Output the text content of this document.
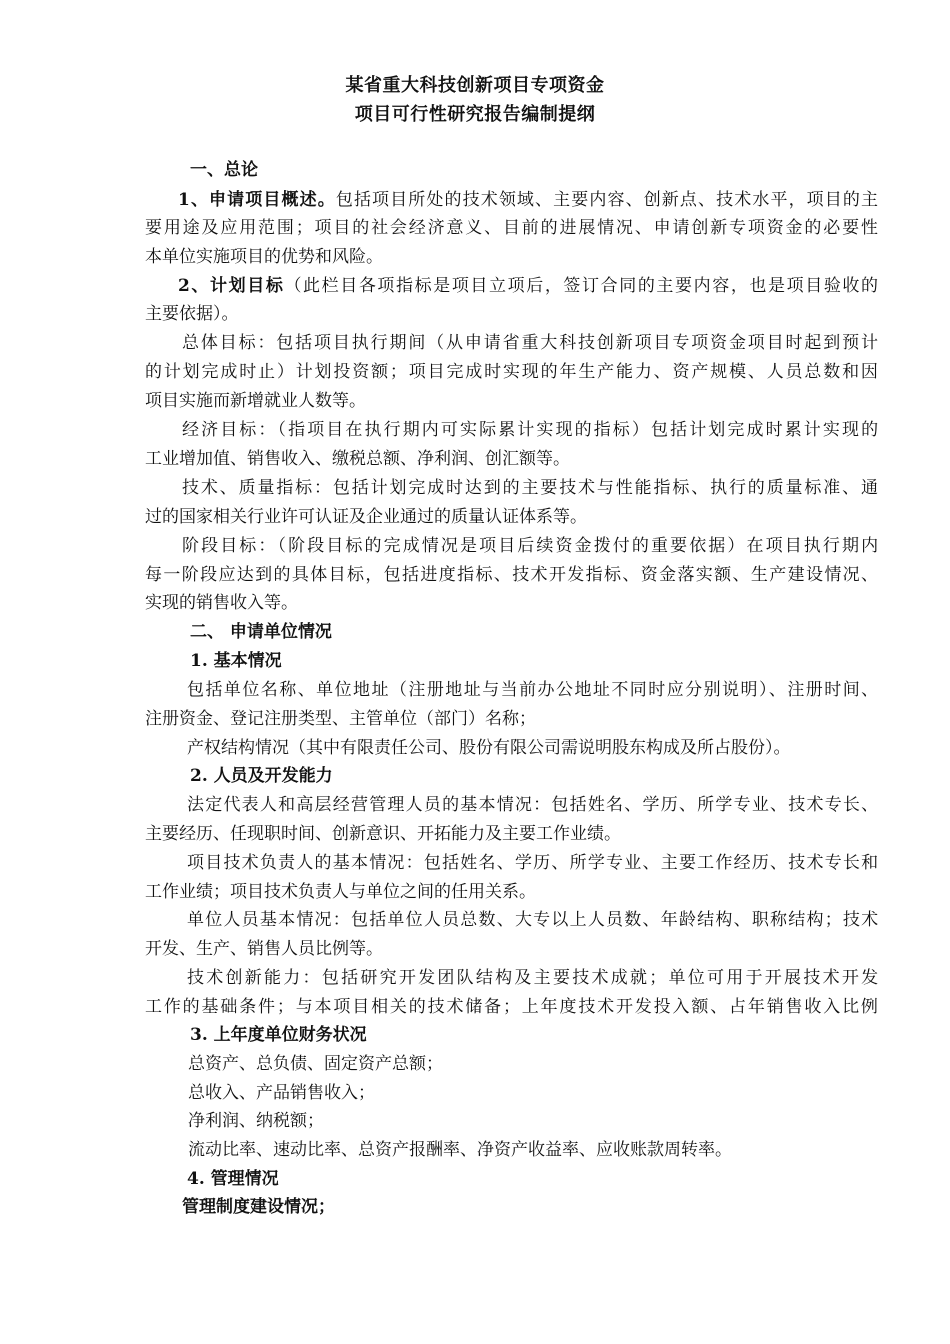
某省重大科技创新项目专项资金
项目可行性研究报告编制提纲
一、总论
1、申请项目概述。包括项目所处的技术领域、主要内容、创新点、技术水平，项目的主
要用途及应用范围；项目的社会经济意义、目前的进展情况、申请创新专项资金的必要性
本单位实施项目的优势和风险。
2、计划目标（此栏目各项指标是项目立项后，签订合同的主要内容，也是项目验收的
主要依据）。
总体目标：包括项目执行期间（从申请省重大科技创新项目专项资金项目时起到预计
的计划完成时止）计划投资额；项目完成时实现的年生产能力、资产规模、人员总数和因
项目实施而新增就业人数等。
经济目标：（指项目在执行期内可实际累计实现的指标）包括计划完成时累计实现的
工业增加值、销售收入、缴税总额、净利润、创汇额等。
技术、质量指标：包括计划完成时达到的主要技术与性能指标、执行的质量标准、通
过的国家相关行业许可认证及企业通过的质量认证体系等。
阶段目标：（阶段目标的完成情况是项目后续资金拨付的重要依据）在项目执行期内
每一阶段应达到的具体目标，包括进度指标、技术开发指标、资金落实额、生产建设情况、
实现的销售收入等。
二、 申请单位情况
1. 基本情况
包括单位名称、单位地址（注册地址与当前办公地址不同时应分别说明）、注册时间、
注册资金、登记注册类型、主管单位（部门）名称；
产权结构情况（其中有限责任公司、股份有限公司需说明股东构成及所占股份）。
2. 人员及开发能力
法定代表人和高层经营管理人员的基本情况：包括姓名、学历、所学专业、技术专长、
主要经历、任现职时间、创新意识、开拓能力及主要工作业绩。
项目技术负责人的基本情况：包括姓名、学历、所学专业、主要工作经历、技术专长和
工作业绩；项目技术负责人与单位之间的任用关系。
单位人员基本情况：包括单位人员总数、大专以上人员数、年龄结构、职称结构；技术
开发、生产、销售人员比例等。
技术创新能力：包括研究开发团队结构及主要技术成就；单位可用于开展技术开发
工作的基础条件；与本项目相关的技术储备；上年度技术开发投入额、占年销售收入比例
3. 上年度单位财务状况
总资产、总负债、固定资产总额；
总收入、产品销售收入；
净利润、纳税额；
流动比率、速动比率、总资产报酬率、净资产收益率、应收账款周转率。
4. 管理情况
管理制度建设情况；
